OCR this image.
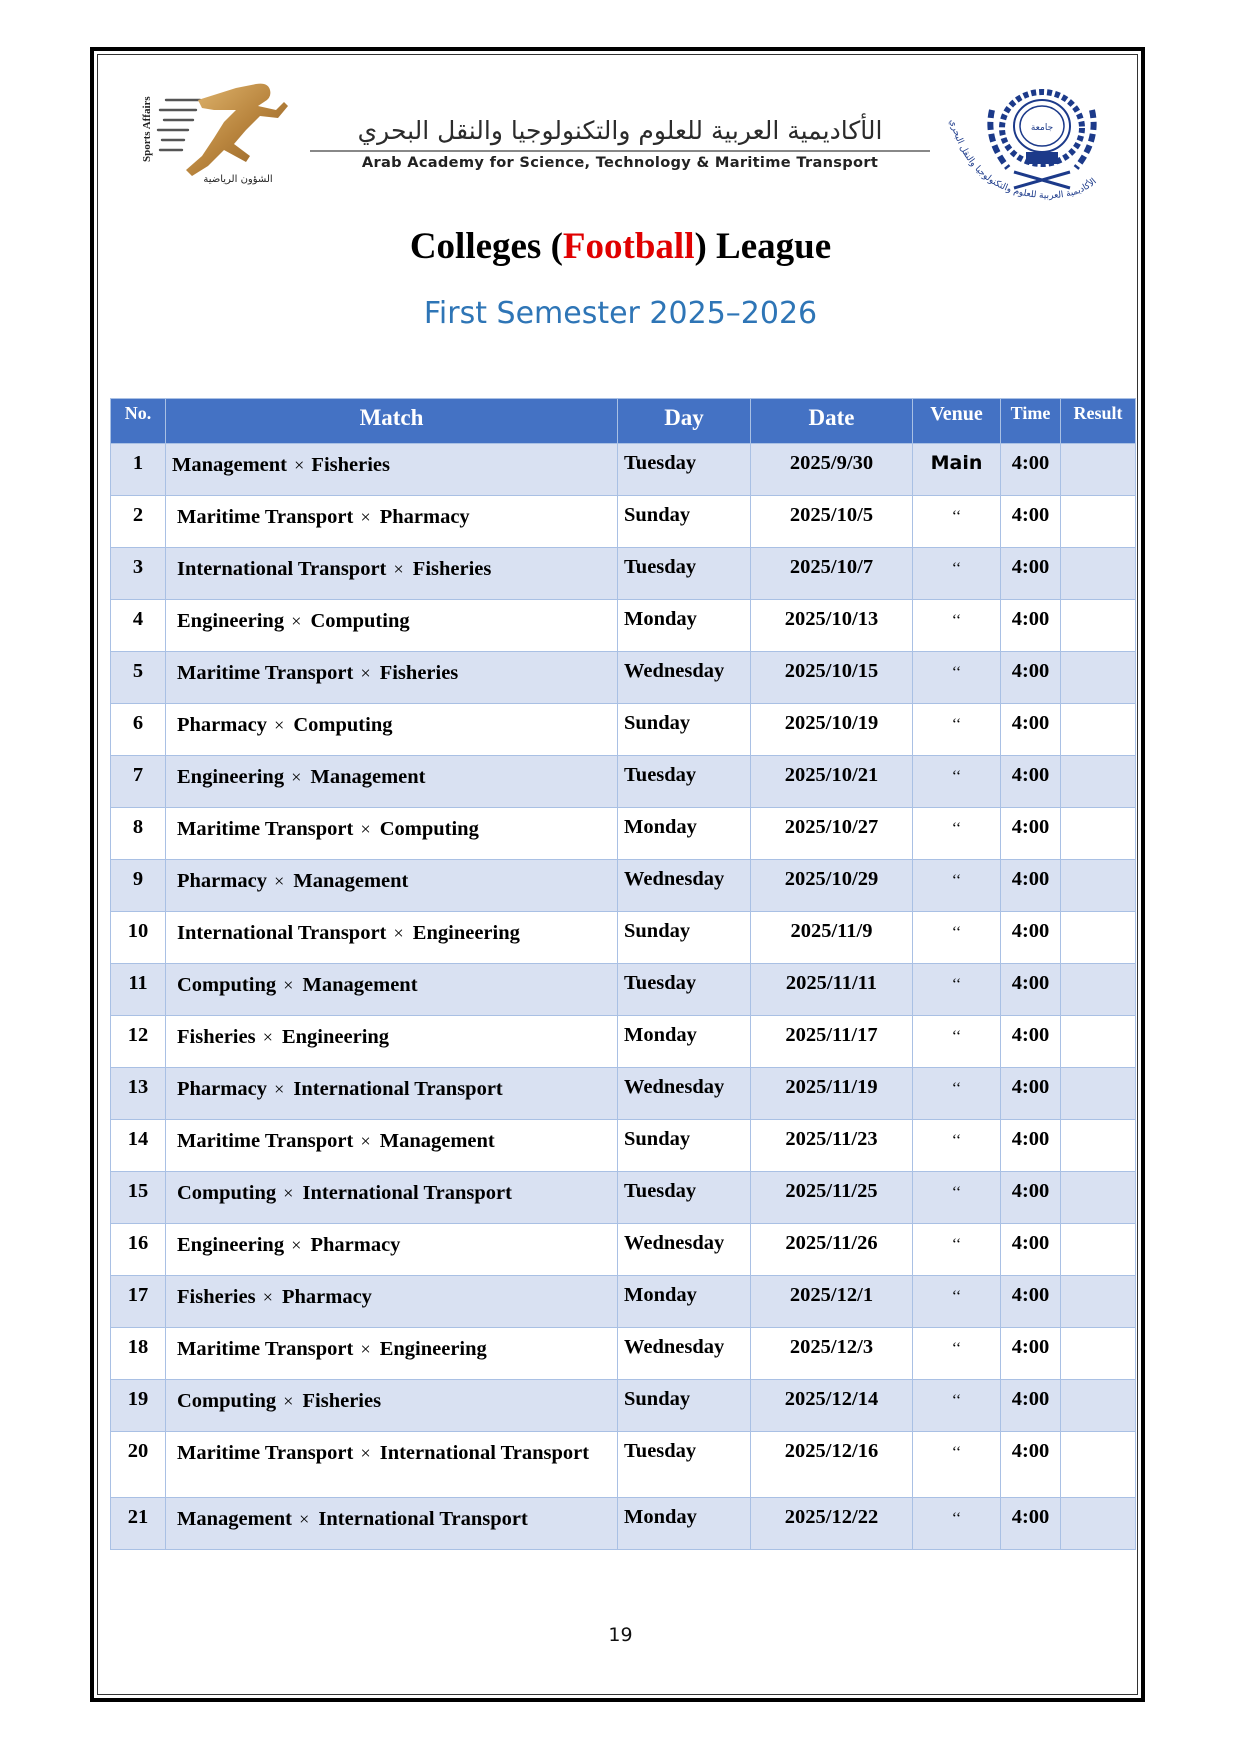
Sports Affairs
الشؤون الرياضية
الأكاديمية العربية للعلوم والتكنولوجيا والنقل البحري
Arab Academy for Science, Technology & Maritime Transport
جامعة
الأكاديمية العربية للعلوم والتكنولوجيا والنقل البحري
Colleges (Football) League
First Semester 2025–2026
No.	Match	Day	Date	Venue	Time	Result
1	Management × Fisheries	Tuesday	2025/9/30	Main	4:00	
2	Maritime Transport × Pharmacy	Sunday	2025/10/5	‘‘	4:00	
3	International Transport × Fisheries	Tuesday	2025/10/7	‘‘	4:00	
4	Engineering × Computing	Monday	2025/10/13	‘‘	4:00	
5	Maritime Transport × Fisheries	Wednesday	2025/10/15	‘‘	4:00	
6	Pharmacy × Computing	Sunday	2025/10/19	‘‘	4:00	
7	Engineering × Management	Tuesday	2025/10/21	‘‘	4:00	
8	Maritime Transport × Computing	Monday	2025/10/27	‘‘	4:00	
9	Pharmacy × Management	Wednesday	2025/10/29	‘‘	4:00	
10	International Transport × Engineering	Sunday	2025/11/9	‘‘	4:00	
11	Computing × Management	Tuesday	2025/11/11	‘‘	4:00	
12	Fisheries × Engineering	Monday	2025/11/17	‘‘	4:00	
13	Pharmacy × International Transport	Wednesday	2025/11/19	‘‘	4:00	
14	Maritime Transport × Management	Sunday	2025/11/23	‘‘	4:00	
15	Computing × International Transport	Tuesday	2025/11/25	‘‘	4:00	
16	Engineering × Pharmacy	Wednesday	2025/11/26	‘‘	4:00	
17	Fisheries × Pharmacy	Monday	2025/12/1	‘‘	4:00	
18	Maritime Transport × Engineering	Wednesday	2025/12/3	‘‘	4:00	
19	Computing × Fisheries	Sunday	2025/12/14	‘‘	4:00	
20	Maritime Transport × International Transport	Tuesday	2025/12/16	‘‘	4:00	
21	Management × International Transport	Monday	2025/12/22	‘‘	4:00	
19
